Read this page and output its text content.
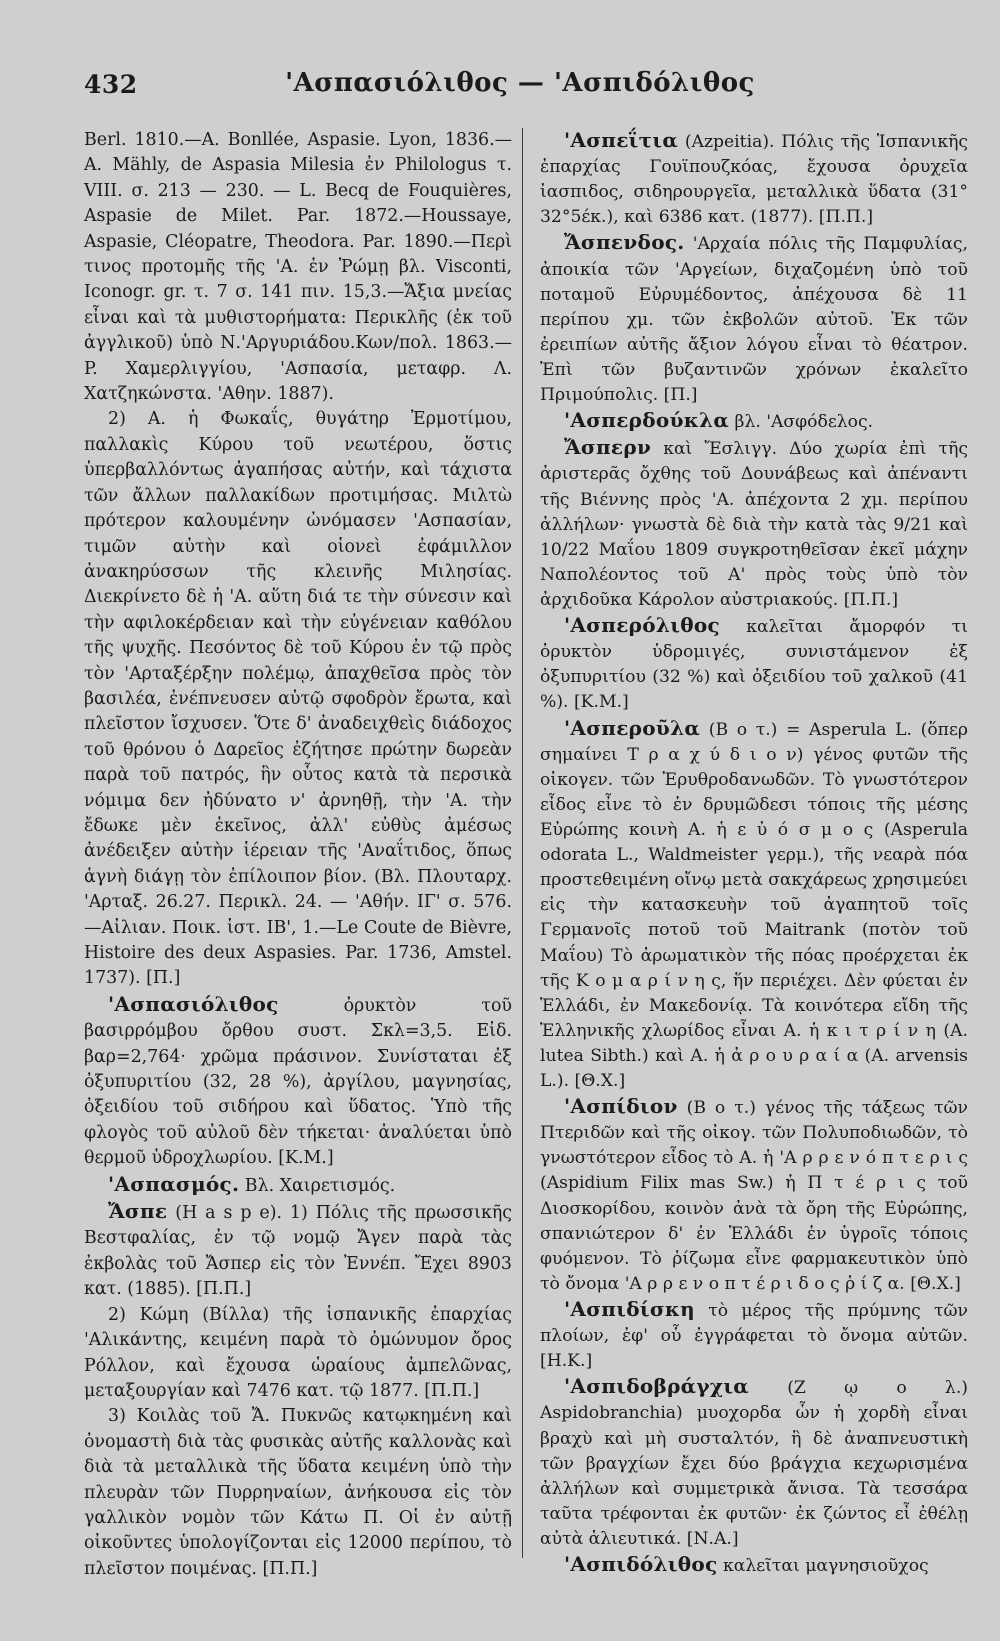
432	'Ασπασιόλιθος — 'Ασπιδόλιθος

Berl. 1810.—A. Bonllée, Aspasie. Lyon, 1836.—A. Mähly, de Aspasia Milesia ἐν Philologus τ. VIII. σ. 213 — 230. — L. Becq de Fouquières, Aspasie de Milet. Par. 1872.—Houssaye, Aspasie, Cléopatre, Theodora. Par. 1890.—Περὶ τινος προτομῆς τῆς 'Α. ἐν Ῥώμῃ βλ. Visconti, Iconogr. gr. τ. 7 σ. 141 πιν. 15,3.—Ἄξια μνείας εἶναι καὶ τὰ μυθιστορήματα: Περικλῆς (ἐκ τοῦ ἀγγλικοῦ) ὑπὸ Ν.'Αργυριάδου.Κων/πολ. 1863.—P. Χαμερλιγγίου, 'Ασπασία, μεταφρ. Λ. Χατζηκώνστα. 'Αθην. 1887).

2) Α. ἡ Φωκαΐς, θυγάτηρ Ἑρμοτίμου, παλλακὶς Κύρου τοῦ νεωτέρου, ὅστις ὑπερβαλλόντως ἀγαπήσας αὐτήν, καὶ τάχιστα τῶν ἄλλων παλλακίδων προτιμήσας. Μιλτὼ πρότερον καλουμένην ὠνόμασεν 'Ασπασίαν, τιμῶν αὐτὴν καὶ οἱονεὶ ἐφάμιλλον ἀνακηρύσσων τῆς κλεινῆς Μιλησίας. Διεκρίνετο δὲ ἡ 'Α. αὕτη διά τε τὴν σύνεσιν καὶ τὴν αφιλοκέρδειαν καὶ τὴν εὐγένειαν καθόλου τῆς ψυχῆς. Πεσόντος δὲ τοῦ Κύρου ἐν τῷ πρὸς τὸν 'Αρταξέρξην πολέμῳ, ἀπαχθεῖσα πρὸς τὸν βασιλέα, ἐνέπνευσεν αὐτῷ σφοδρὸν ἔρωτα, καὶ πλεῖστον ἴσχυσεν. Ὅτε δ' ἀναδειχθεὶς διάδοχος τοῦ θρόνου ὁ Δαρεῖος ἐζήτησε πρώτην δωρεὰν παρὰ τοῦ πατρός, ἣν οὗτος κατὰ τὰ περσικὰ νόμιμα δεν ἠδύνατο ν' ἀρνηθῇ, τὴν 'Α. τὴν ἔδωκε μὲν ἐκεῖνος, ἀλλ' εὐθὺς ἀμέσως ἀνέδειξεν αὐτὴν ἱέρειαν τῆς 'Αναΐτιδος, ὅπως ἁγνὴ διάγῃ τὸν ἐπίλοιπον βίον. (Βλ. Πλουταρχ. 'Αρταξ. 26.27. Περικλ. 24. — 'Αθήν. ΙΓ' σ. 576.—Αἰλιαν. Ποικ. ἱστ. ΙΒ', 1.—Le Coute de Bièvre, Histoire des deux Aspasies. Par. 1736, Amstel. 1737). [Π.]

'Ασπασιόλιθος ὀρυκτὸν τοῦ βασιρρόμβου ὄρθου συστ. Σκλ=3,5. Εἰδ. βαρ=2,764· χρῶμα πράσινον. Συνίσταται ἐξ ὀξυπυριτίου (32, 28 %), ἀργίλου, μαγνησίας, ὀξειδίου τοῦ σιδήρου καὶ ὕδατος. Ὑπὸ τῆς φλογὸς τοῦ αὐλοῦ δὲν τήκεται· ἀναλύεται ὑπὸ θερμοῦ ὑδροχλωρίου. [Κ.Μ.]

'Ασπασμός. Βλ. Χαιρετισμός.

Ἄσπε (H a s p e). 1) Πόλις τῆς πρωσσικῆς Βεστφαλίας, ἐν τῷ νομῷ Ἄγεν παρὰ τὰς ἐκβολὰς τοῦ Ἄσπερ εἰς τὸν Ἐννέπ. Ἔχει 8903 κατ. (1885). [Π.Π.]

2) Κώμη (Βίλλα) τῆς ἱσπανικῆς ἐπαρχίας 'Αλικάντης, κειμένη παρὰ τὸ ὁμώνυμον ὄρος Ρόλλον, καὶ ἔχουσα ὡραίους ἀμπελῶνας, μεταξουργίαν καὶ 7476 κατ. τῷ 1877. [Π.Π.]

3) Κοιλὰς τοῦ Ἄ. Πυκνῶς κατῳκημένη καὶ ὀνομαστὴ διὰ τὰς φυσικὰς αὐτῆς καλλονὰς καὶ διὰ τὰ μεταλλικὰ τῆς ὕδατα κειμένη ὑπὸ τὴν πλευρὰν τῶν Πυρρηναίων, ἀνήκουσα εἰς τὸν γαλλικὸν νομὸν τῶν Κάτω Π. Οἱ ἐν αὐτῇ οἰκοῦντες ὑπολογίζονται εἰς 12000 περίπου, τὸ πλεῖστον ποιμένας. [Π.Π.]

'Ασπεΐτια (Azpeitia). Πόλις τῆς Ἱσπανικῆς ἐπαρχίας Γουϊπουζκόας, ἔχουσα ὀρυχεῖα ἰασπιδος, σιδηρουργεῖα, μεταλλικὰ ὕδατα (31° 32°5έκ.), καὶ 6386 κατ. (1877). [Π.Π.]

Ἄσπενδος. 'Αρχαία πόλις τῆς Παμφυλίας, ἀποικία τῶν 'Αργείων, διχαζομένη ὑπὸ τοῦ ποταμοῦ Εὐρυμέδοντος, ἀπέχουσα δὲ 11 περίπου χμ. τῶν ἐκβολῶν αὐτοῦ. Ἐκ τῶν ἐρειπίων αὐτῆς ἄξιον λόγου εἶναι τὸ θέατρον. Ἐπὶ τῶν βυζαντινῶν χρόνων ἐκαλεῖτο Πριμούπολις. [Π.]

'Ασπερδούκλα βλ. 'Ασφόδελος.

Ἄσπερν καὶ Ἔσλιγγ. Δύο χωρία ἐπὶ τῆς ἀριστερᾶς ὄχθης τοῦ Δουνάβεως καὶ ἀπέναντι τῆς Βιέννης πρὸς 'Α. ἀπέχοντα 2 χμ. περίπου ἀλλήλων· γνωστὰ δὲ διὰ τὴν κατὰ τὰς 9/21 καὶ 10/22 Μαΐου 1809 συγκροτηθεῖσαν ἐκεῖ μάχην Ναπολέοντος τοῦ Α' πρὸς τοὺς ὑπὸ τὸν ἀρχιδοῦκα Κάρολον αὐστριακούς. [Π.Π.]

'Ασπερόλιθος καλεῖται ἄμορφόν τι ὀρυκτὸν ὑδρομιγές, συνιστάμενον ἐξ ὀξυπυριτίου (32 %) καὶ ὀξειδίου τοῦ χαλκοῦ (41 %). [Κ.Μ.]

'Ασπεροῦλα (Β ο τ.) = Asperula L. (ὅπερ σημαίνει Τ ρ α χ ύ δ ι ο ν) γένος φυτῶν τῆς οἰκογεν. τῶν Ἐρυθροδανωδῶν. Τὸ γνωστότερον εἶδος εἶνε τὸ ἐν δρυμῶδεσι τόποις τῆς μέσης Εὐρώπης κοινὴ Α. ἡ ε ὐ ό σ μ ο ς (Asperula odorata L., Waldmeister γερμ.), τῆς νεαρὰ πόα προστεθειμένη οἴνῳ μετὰ σακχάρεως χρησιμεύει εἰς τὴν κατασκευὴν τοῦ ἀγαπητοῦ τοῖς Γερμανοῖς ποτοῦ τοῦ Maitrank (ποτὸν τοῦ Μαΐου) Τὸ ἀρωματικὸν τῆς πόας προέρχεται ἐκ τῆς Κ ο μ α ρ ί ν η ς, ἥν περιέχει. Δὲν φύεται ἐν Ἑλλάδι, ἐν Μακεδονίᾳ. Τὰ κοινότερα εἴδη τῆς Ἑλληνικῆς χλωρίδος εἶναι Α. ἡ κ ι τ ρ ί ν η (A. lutea Sibth.) καὶ Α. ἡ ἀ ρ ο υ ρ α ί α (A. arvensis L.). [Θ.Χ.]

'Ασπίδιον (Β ο τ.) γένος τῆς τάξεως τῶν Πτεριδῶν καὶ τῆς οἰκογ. τῶν Πολυποδιωδῶν, τὸ γνωστότερον εἶδος τὸ Α. ἡ 'Α ρ ρ ε ν ό π τ ε ρ ι ς (Aspidium Filix mas Sw.) ἡ Π τ έ ρ ι ς τοῦ Διοσκορίδου, κοινὸν ἀνὰ τὰ ὄρη τῆς Εὐρώπης, σπανιώτερον δ' ἐν Ἑλλάδι ἐν ὑγροῖς τόποις φυόμενον. Τὸ ῥίζωμα εἶνε φαρμακευτικὸν ὑπὸ τὸ ὄνομα 'Α ρ ρ ε ν ο π τ έ ρ ι δ ο ς ῥ ί ζ α. [Θ.Χ.]

'Ασπιδίσκη τὸ μέρος τῆς πρύμνης τῶν πλοίων, ἐφ' οὗ ἐγγράφεται τὸ ὄνομα αὐτῶν. [Η.Κ.]

'Ασπιδοβράγχια (Ζ ῳ ο λ.) Aspidobranchia) μυοχορδα ὧν ἡ χορδὴ εἶναι βραχὺ καὶ μὴ συσταλτόν, ἣ δὲ ἀναπνευστικὴ τῶν βραγχίων ἔχει δύο βράγχια κεχωρισμένα ἀλλήλων καὶ συμμετρικὰ ἄνισα. Τὰ τεσσάρα ταῦτα τρέφονται ἐκ φυτῶν· ἐκ ζώντος εἶ ἐθέλῃ αὐτὰ ἁλιευτικά. [Ν.Α.]

'Ασπιδόλιθος καλεῖται μαγνησιοῦχος
